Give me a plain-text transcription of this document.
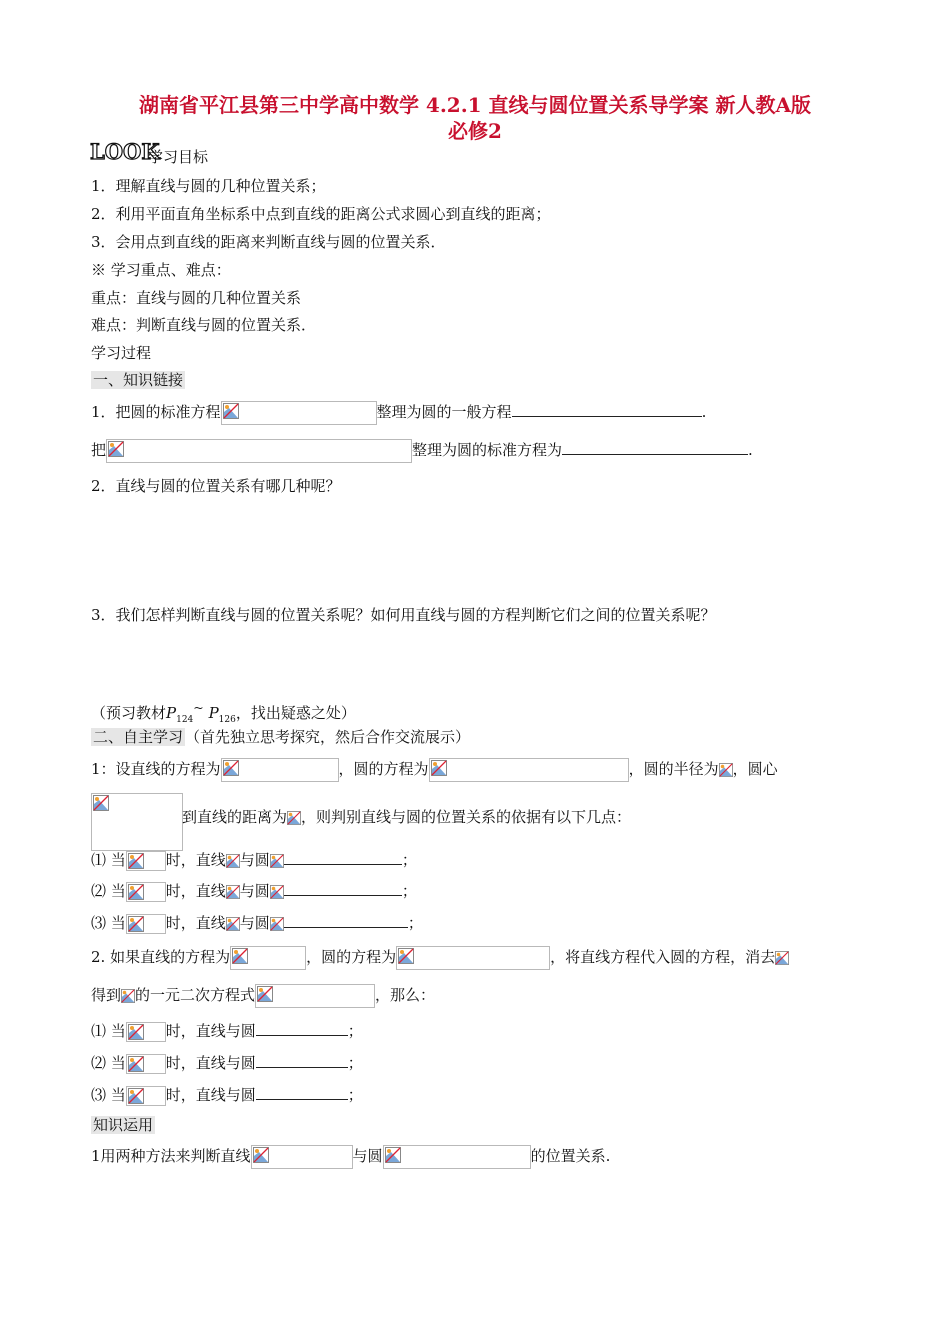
湖南省平江县第三中学高中数学 4.2.1 直线与圆位置关系导学案 新人教A版
必修2
LOOK
学习目标
1．理解直线与圆的几种位置关系；
2．利用平面直角坐标系中点到直线的距离公式求圆心到直线的距离；
3．会用点到直线的距离来判断直线与圆的位置关系．
※ 学习重点、难点：
重点：直线与圆的几种位置关系
难点：判断直线与圆的位置关系．
学习过程
一、知识链接
1．把圆的标准方程	整理为圆的一般方程	.
把	整理为圆的标准方程为	.
2．直线与圆的位置关系有哪几种呢？
3．我们怎样判断直线与圆的位置关系呢？如何用直线与圆的方程判断它们之间的位置关系呢？
（预习教材$P_{124}^\sim$ $P_{126}$，找出疑惑之处）
二、自主学习 （首先独立思考探究，然后合作交流展示）
1：设直线的方程为	，圆的方程为	，圆的半径为 ，圆心
到直线的距离为 ，则判别直线与圆的位置关系的依据有以下几点：
⑴ 当	时，直线 与圆	；
⑵ 当	时，直线 与圆	；
⑶ 当	时，直线 与圆	；
2. 如果直线的方程为	，圆的方程为	，将直线方程代入圆的方程，消去
得到 的一元二次方程式	，那么：
⑴ 当	时，直线与圆	；
⑵ 当	时，直线与圆	；
⑶ 当	时，直线与圆	；
知识运用
1用两种方法来判断直线	与圆	的位置关系.
